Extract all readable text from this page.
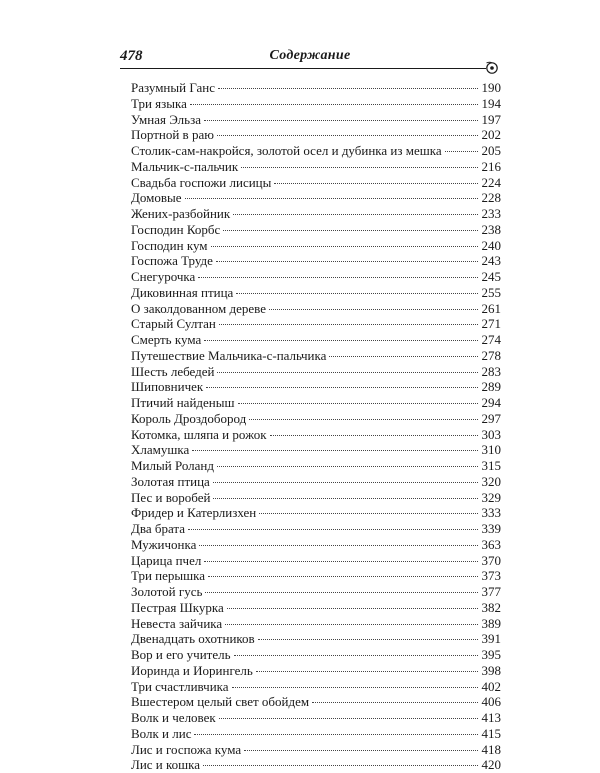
478	Содержание
Разумный Ганс	190
Три языка	194
Умная Эльза	197
Портной в раю	202
Столик-сам-накройся, золотой осел и дубинка из мешка	205
Мальчик-с-пальчик	216
Свадьба госпожи лисицы	224
Домовые	228
Жених-разбойник	233
Господин Корбс	238
Господин кум	240
Госпожа Труде	243
Снегурочка	245
Диковинная птица	255
О заколдованном дереве	261
Старый Султан	271
Смерть кума	274
Путешествие Мальчика-с-пальчика	278
Шесть лебедей	283
Шиповничек	289
Птичий найденыш	294
Король Дроздобород	297
Котомка, шляпа и рожок	303
Хламушка	310
Милый Роланд	315
Золотая птица	320
Пес и воробей	329
Фридер и Катерлизхен	333
Два брата	339
Мужичонка	363
Царица пчел	370
Три перышка	373
Золотой гусь	377
Пестрая Шкурка	382
Невеста зайчика	389
Двенадцать охотников	391
Вор и его учитель	395
Иоринда и Иорингель	398
Три счастливчика	402
Вшестером целый свет обойдем	406
Волк и человек	413
Волк и лис	415
Лис и госпожа кума	418
Лис и кошка	420
